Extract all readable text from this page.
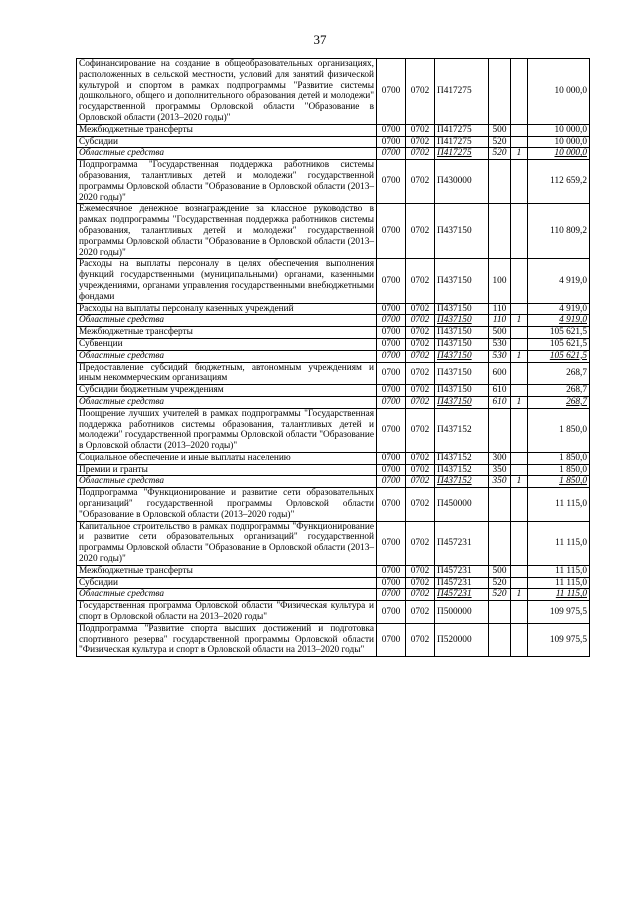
37
Софинансирование на создание в общеобразовательных организациях, расположенных в сельской местности, условий для занятий физической культурой и спортом в рамках подпрограммы "Развитие системы дошкольного, общего и дополнительного образования детей и молодежи" государственной программы Орловской области "Образование в Орловской области (2013–2020 годы)"	0700	0702	П417275			10 000,0
Межбюджетные трансферты	0700	0702	П417275	500		10 000,0
Субсидии	0700	0702	П417275	520		10 000,0
Областные средства	0700	0702	П417275	520	1	10 000,0
Подпрограмма "Государственная поддержка работников системы образования, талантливых детей и молодежи" государственной программы Орловской области "Образование в Орловской области (2013–2020 годы)"	0700	0702	П430000			112 659,2
Ежемесячное денежное вознаграждение за классное руководство в рамках подпрограммы "Государственная поддержка работников системы образования, талантливых детей и молодежи" государственной программы Орловской области "Образование в Орловской области (2013–2020 годы)"	0700	0702	П437150			110 809,2
Расходы на выплаты персоналу в целях обеспечения выполнения функций государственными (муниципальными) органами, казенными учреждениями, органами управления государственными внебюджетными фондами	0700	0702	П437150	100		4 919,0
Расходы на выплаты персоналу казенных учреждений	0700	0702	П437150	110		4 919,0
Областные средства	0700	0702	П437150	110	1	4 919,0
Межбюджетные трансферты	0700	0702	П437150	500		105 621,5
Субвенции	0700	0702	П437150	530		105 621,5
Областные средства	0700	0702	П437150	530	1	105 621,5
Предоставление субсидий бюджетным, автономным учреждениям и иным некоммерческим организациям	0700	0702	П437150	600		268,7
Субсидии бюджетным учреждениям	0700	0702	П437150	610		268,7
Областные средства	0700	0702	П437150	610	1	268,7
Поощрение лучших учителей в рамках подпрограммы "Государственная поддержка работников системы образования, талантливых детей и молодежи" государственной программы Орловской области "Образование в Орловской области (2013–2020 годы)"	0700	0702	П437152			1 850,0
Социальное обеспечение и иные выплаты населению	0700	0702	П437152	300		1 850,0
Премии и гранты	0700	0702	П437152	350		1 850,0
Областные средства	0700	0702	П437152	350	1	1 850,0
Подпрограмма "Функционирование и развитие сети образовательных организаций" государственной программы Орловской области "Образование в Орловской области (2013–2020 годы)"	0700	0702	П450000			11 115,0
Капитальное строительство в рамках подпрограммы "Функционирование и развитие сети образовательных организаций" государственной программы Орловской области "Образование в Орловской области (2013–2020 годы)"	0700	0702	П457231			11 115,0
Межбюджетные трансферты	0700	0702	П457231	500		11 115,0
Субсидии	0700	0702	П457231	520		11 115,0
Областные средства	0700	0702	П457231	520	1	11 115,0
Государственная программа Орловской области "Физическая культура и спорт в Орловской области на 2013–2020 годы"	0700	0702	П500000			109 975,5
Подпрограмма "Развитие спорта высших достижений и подготовка спортивного резерва" государственной программы Орловской области "Физическая культура и спорт в Орловской области на 2013–2020 годы"	0700	0702	П520000			109 975,5
